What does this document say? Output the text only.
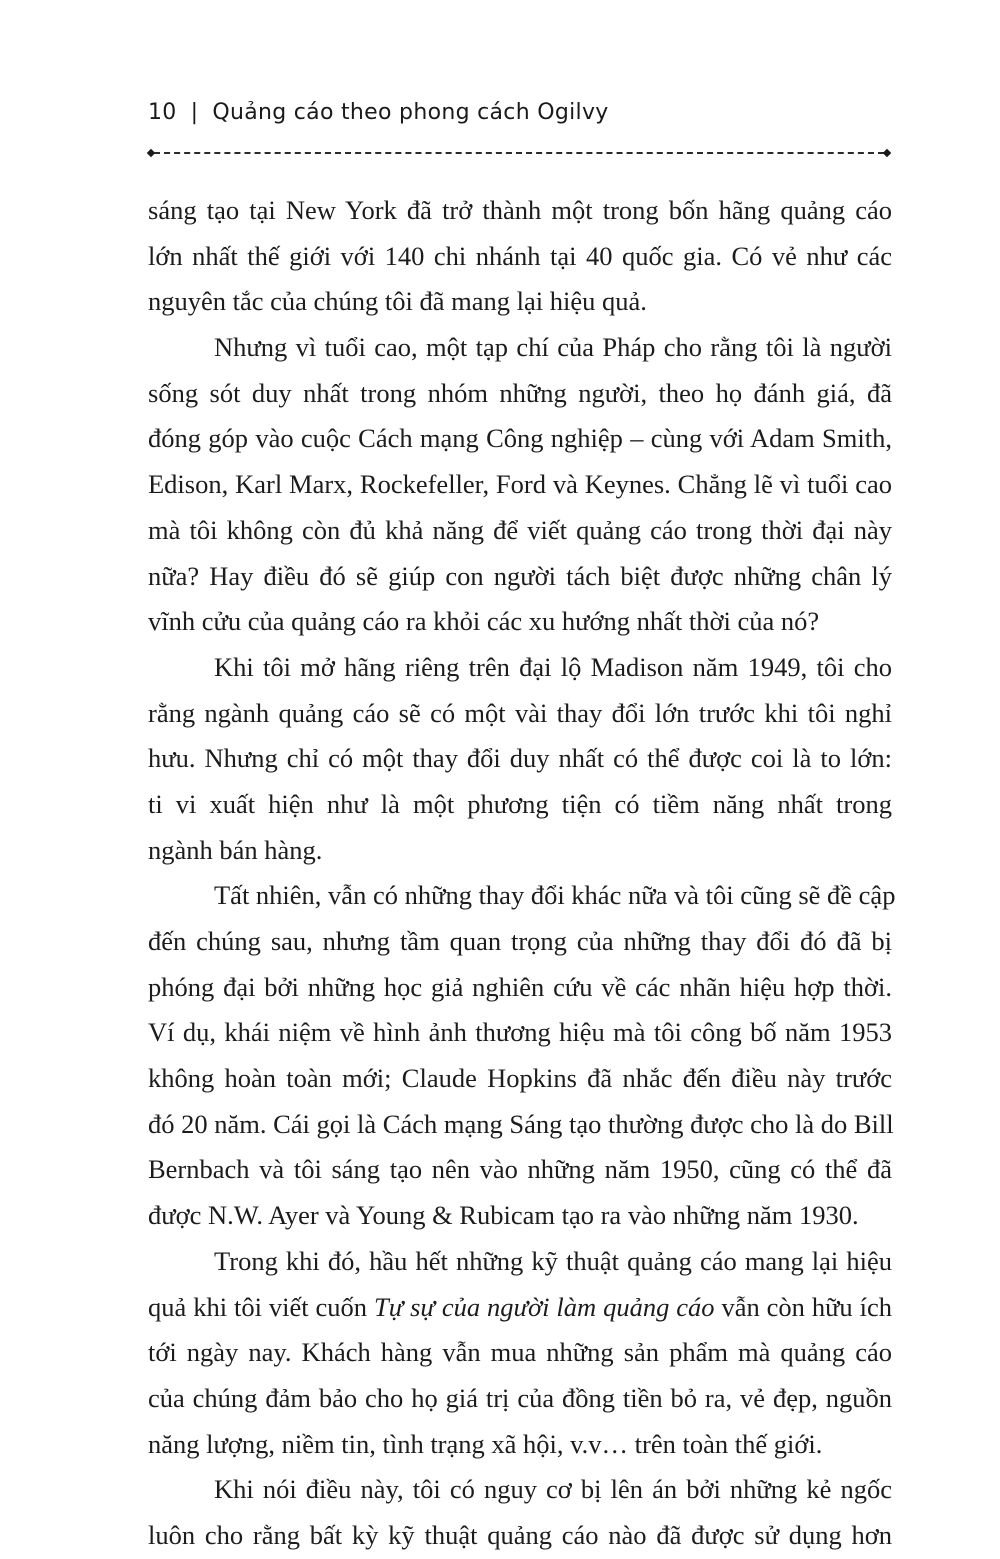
10 | Quảng cáo theo phong cách Ogilvy
sáng tạo tại New York đã trở thành một trong bốn hãng quảng cáo
lớn nhất thế giới với 140 chi nhánh tại 40 quốc gia. Có vẻ như các
nguyên tắc của chúng tôi đã mang lại hiệu quả.
Nhưng vì tuổi cao, một tạp chí của Pháp cho rằng tôi là người
sống sót duy nhất trong nhóm những người, theo họ đánh giá, đã
đóng góp vào cuộc Cách mạng Công nghiệp – cùng với Adam Smith,
Edison, Karl Marx, Rockefeller, Ford và Keynes. Chẳng lẽ vì tuổi cao
mà tôi không còn đủ khả năng để viết quảng cáo trong thời đại này
nữa? Hay điều đó sẽ giúp con người tách biệt được những chân lý
vĩnh cửu của quảng cáo ra khỏi các xu hướng nhất thời của nó?
Khi tôi mở hãng riêng trên đại lộ Madison năm 1949, tôi cho
rằng ngành quảng cáo sẽ có một vài thay đổi lớn trước khi tôi nghỉ
hưu. Nhưng chỉ có một thay đổi duy nhất có thể được coi là to lớn:
ti vi xuất hiện như là một phương tiện có tiềm năng nhất trong
ngành bán hàng.
Tất nhiên, vẫn có những thay đổi khác nữa và tôi cũng sẽ đề cập
đến chúng sau, nhưng tầm quan trọng của những thay đổi đó đã bị
phóng đại bởi những học giả nghiên cứu về các nhãn hiệu hợp thời.
Ví dụ, khái niệm về hình ảnh thương hiệu mà tôi công bố năm 1953
không hoàn toàn mới; Claude Hopkins đã nhắc đến điều này trước
đó 20 năm. Cái gọi là Cách mạng Sáng tạo thường được cho là do Bill
Bernbach và tôi sáng tạo nên vào những năm 1950, cũng có thể đã
được N.W. Ayer và Young & Rubicam tạo ra vào những năm 1930.
Trong khi đó, hầu hết những kỹ thuật quảng cáo mang lại hiệu
quả khi tôi viết cuốn Tự sự của người làm quảng cáo vẫn còn hữu ích
tới ngày nay. Khách hàng vẫn mua những sản phẩm mà quảng cáo
của chúng đảm bảo cho họ giá trị của đồng tiền bỏ ra, vẻ đẹp, nguồn
năng lượng, niềm tin, tình trạng xã hội, v.v… trên toàn thế giới.
Khi nói điều này, tôi có nguy cơ bị lên án bởi những kẻ ngốc
luôn cho rằng bất kỳ kỹ thuật quảng cáo nào đã được sử dụng hơn
